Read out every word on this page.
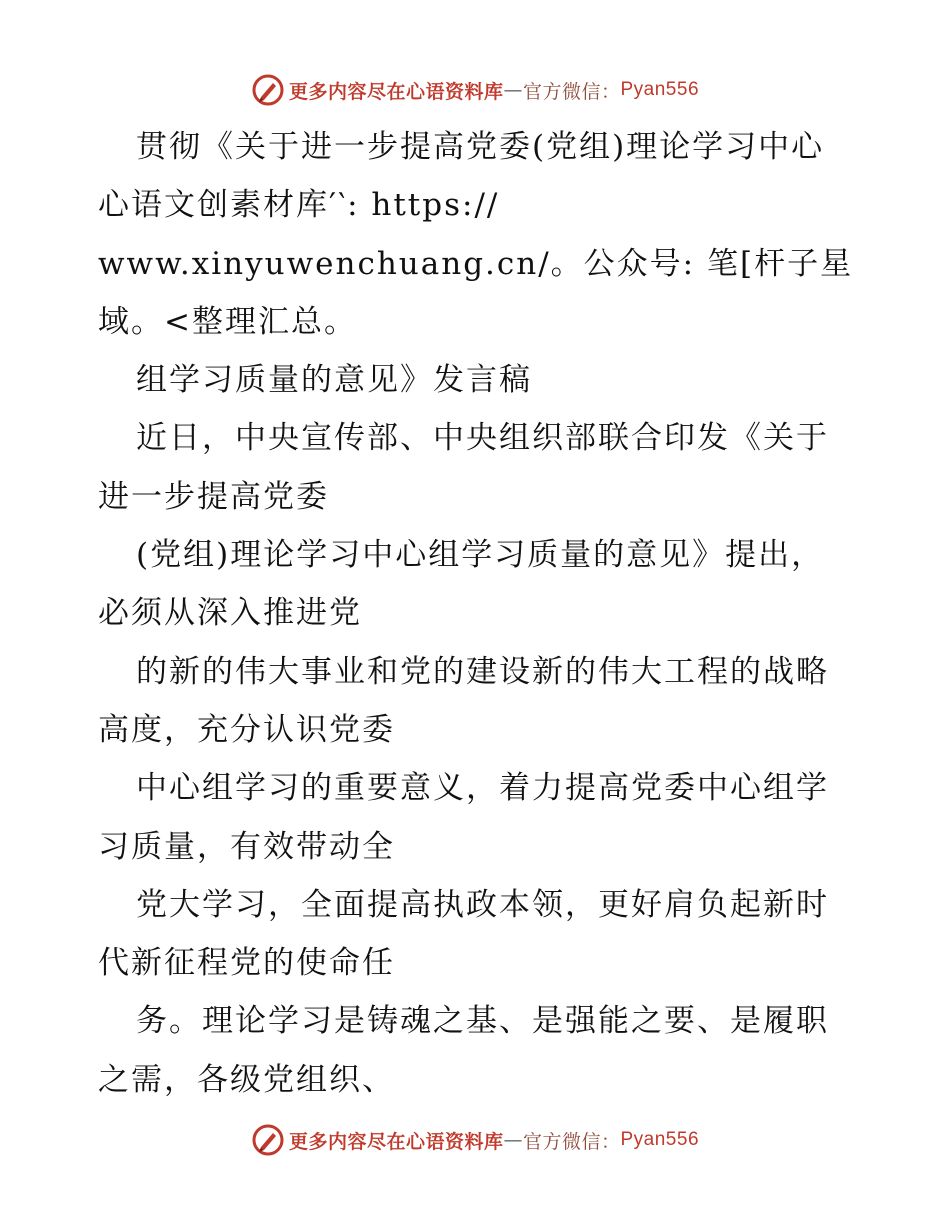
更多内容尽在心语资料库 — 官方微信： Pyan556
贯彻《关于进一步提高党委(党组)理论学习中心
心语文创素材库′‵: https://
www.xinyuwenchuang.cn/。公众号: 笔[杆子星
域。<整理汇总。
组学习质量的意见》发言稿
近日，中央宣传部、中央组织部联合印发《关于
进一步提高党委
(党组)理论学习中心组学习质量的意见》提出，
必须从深入推进党
的新的伟大事业和党的建设新的伟大工程的战略
高度，充分认识党委
中心组学习的重要意义，着力提高党委中心组学
习质量，有效带动全
党大学习，全面提高执政本领，更好肩负起新时
代新征程党的使命任
务。理论学习是铸魂之基、是强能之要、是履职
之需，各级党组织、
更多内容尽在心语资料库 — 官方微信： Pyan556
